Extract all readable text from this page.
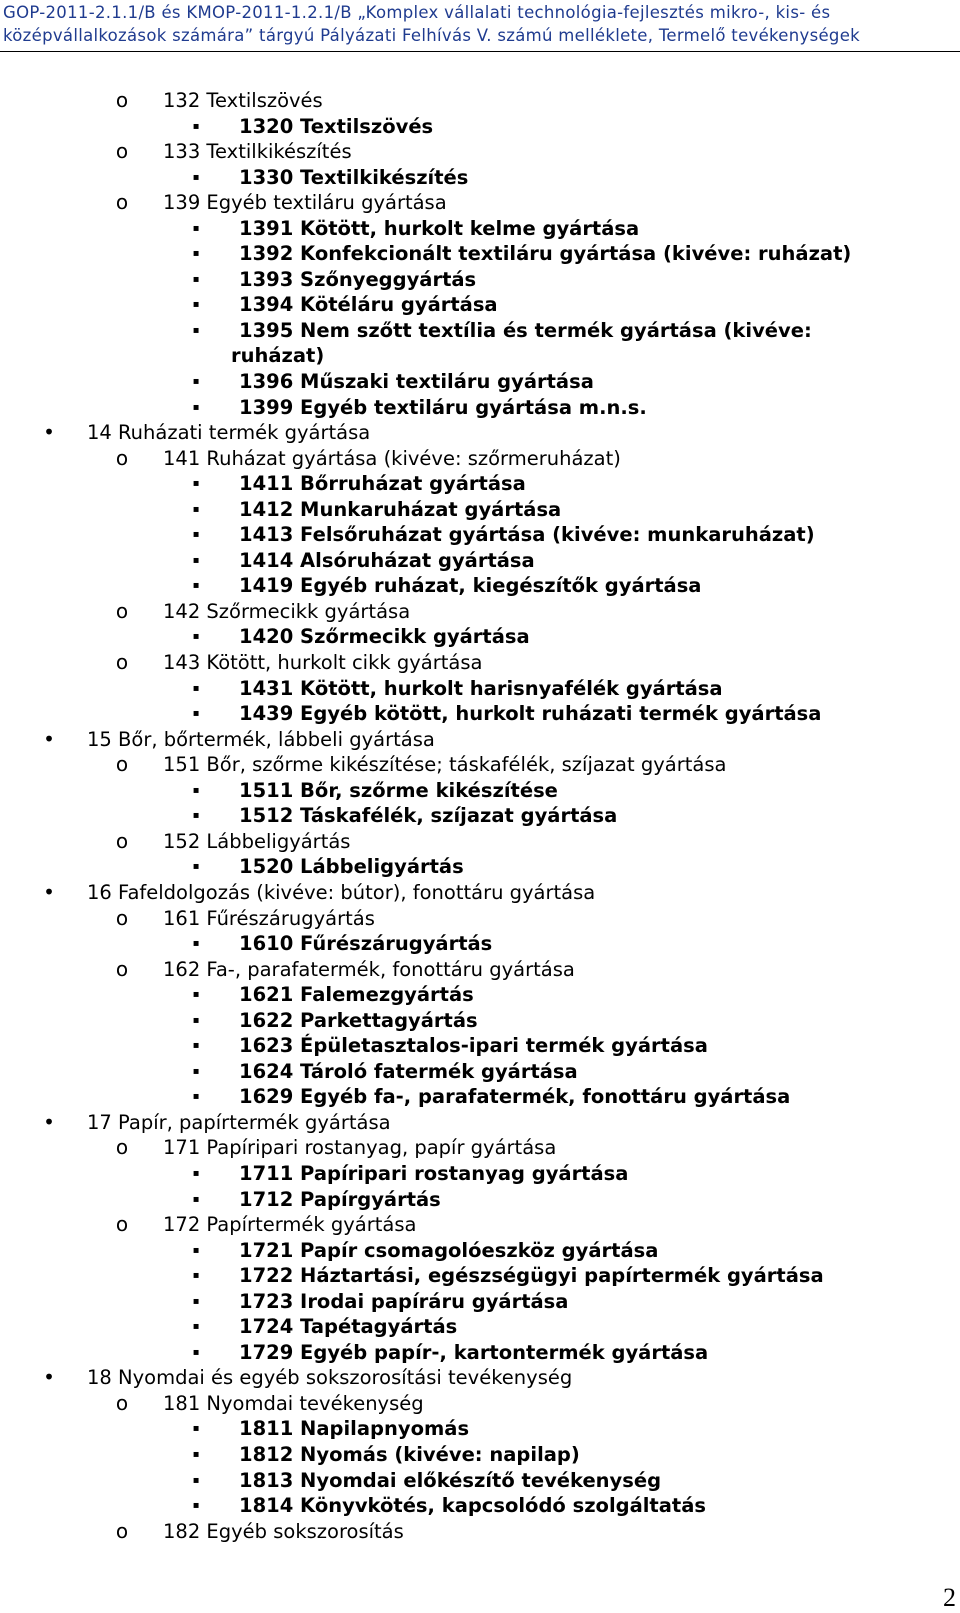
GOP-2011-2.1.1/B és KMOP-2011-1.2.1/B „Komplex vállalati technológia-fejlesztés mikro-, kis- és
középvállalkozások számára” tárgyú Pályázati Felhívás V. számú melléklete, Termelő tevékenységek
o 132 Textilszövés
▪	1320 Textilszövés
o 133 Textilkikészítés
▪	1330 Textilkikészítés
o 139 Egyéb textiláru gyártása
▪	1391 Kötött, hurkolt kelme gyártása
▪	1392 Konfekcionált textiláru gyártása (kivéve: ruházat)
▪	1393 Szőnyeggyártás
▪	1394 Kötéláru gyártása
▪	1395 Nem szőtt textília és termék gyártása (kivéve:
ruházat)
▪	1396 Műszaki textiláru gyártása
▪	1399 Egyéb textiláru gyártása m.n.s.
• 14 Ruházati termék gyártása
o 141 Ruházat gyártása (kivéve: szőrmeruházat)
▪	1411 Bőrruházat gyártása
▪	1412 Munkaruházat gyártása
▪	1413 Felsőruházat gyártása (kivéve: munkaruházat)
▪	1414 Alsóruházat gyártása
▪	1419 Egyéb ruházat, kiegészítők gyártása
o 142 Szőrmecikk gyártása
▪	1420 Szőrmecikk gyártása
o 143 Kötött, hurkolt cikk gyártása
▪	1431 Kötött, hurkolt harisnyafélék gyártása
▪	1439 Egyéb kötött, hurkolt ruházati termék gyártása
• 15 Bőr, bőrtermék, lábbeli gyártása
o 151 Bőr, szőrme kikészítése; táskafélék, szíjazat gyártása
▪	1511 Bőr, szőrme kikészítése
▪	1512 Táskafélék, szíjazat gyártása
o 152 Lábbeligyártás
▪	1520 Lábbeligyártás
• 16 Fafeldolgozás (kivéve: bútor), fonottáru gyártása
o 161 Fűrészárugyártás
▪	1610 Fűrészárugyártás
o 162 Fa-, parafatermék, fonottáru gyártása
▪	1621 Falemezgyártás
▪	1622 Parkettagyártás
▪	1623 Épületasztalos-ipari termék gyártása
▪	1624 Tároló fatermék gyártása
▪	1629 Egyéb fa-, parafatermék, fonottáru gyártása
• 17 Papír, papírtermék gyártása
o 171 Papíripari rostanyag, papír gyártása
▪	1711 Papíripari rostanyag gyártása
▪	1712 Papírgyártás
o 172 Papírtermék gyártása
▪	1721 Papír csomagolóeszköz gyártása
▪	1722 Háztartási, egészségügyi papírtermék gyártása
▪	1723 Irodai papíráru gyártása
▪	1724 Tapétagyártás
▪	1729 Egyéb papír-, kartontermék gyártása
• 18 Nyomdai és egyéb sokszorosítási tevékenység
o 181 Nyomdai tevékenység
▪	1811 Napilapnyomás
▪	1812 Nyomás (kivéve: napilap)
▪	1813 Nyomdai előkészítő tevékenység
▪	1814 Könyvkötés, kapcsolódó szolgáltatás
o 182 Egyéb sokszorosítás
2
